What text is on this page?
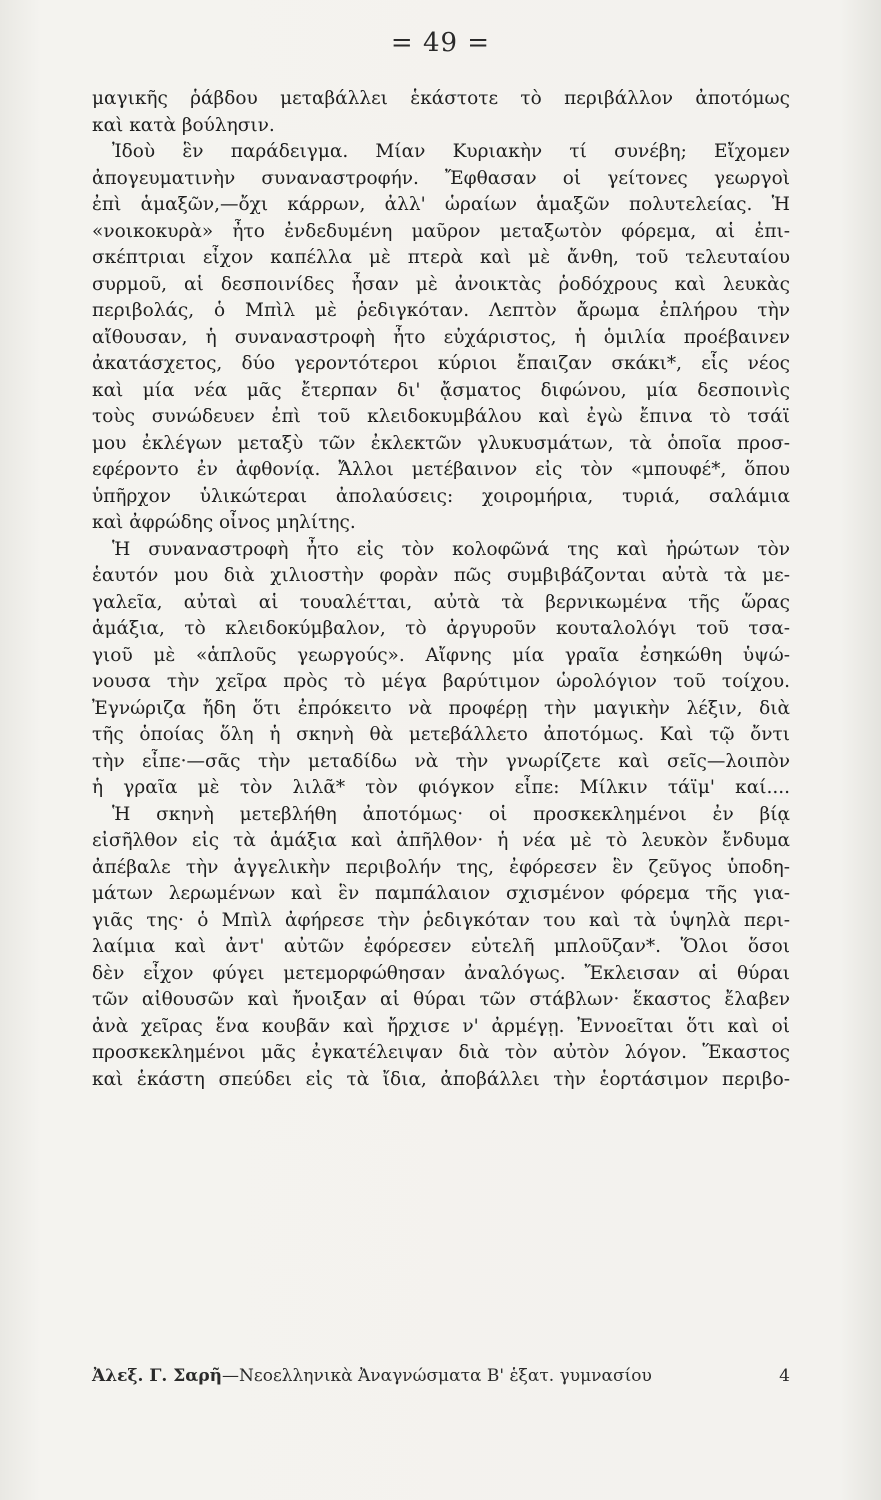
= 49 =
μαγικῆς ῥάβδου μεταβάλλει ἑκάστοτε τὸ περιβάλλον ἀποτόμως
καὶ κατὰ βούλησιν.
Ἰδοὺ ἓν παράδειγμα. Μίαν Κυριακὴν τί συνέβη; Εἴχομεν
ἀπογευματινὴν συναναστροφήν. Ἔφθασαν οἱ γείτονες γεωργοὶ
ἐπὶ ἁμαξῶν,—ὄχι κάρρων, ἀλλ' ὡραίων ἁμαξῶν πολυτελείας. Ἡ
«νοικοκυρὰ» ἦτο ἐνδεδυμένη μαῦρον μεταξωτὸν φόρεμα, αἱ ἐπι-
σκέπτριαι εἶχον καπέλλα μὲ πτερὰ καὶ μὲ ἄνθη, τοῦ τελευταίου
συρμοῦ, αἱ δεσποινίδες ἦσαν μὲ ἀνοικτὰς ῥοδόχρους καὶ λευκὰς
περιβολάς, ὁ Μπὶλ μὲ ῥεδιγκόταν. Λεπτὸν ἄρωμα ἐπλήρου τὴν
αἴθουσαν, ἡ συναναστροφὴ ἦτο εὐχάριστος, ἡ ὁμιλία προέβαινεν
ἀκατάσχετος, δύο γεροντότεροι κύριοι ἔπαιζαν σκάκι*, εἷς νέος
καὶ μία νέα μᾶς ἔτερπαν δι' ᾄσματος διφώνου, μία δεσποινὶς
τοὺς συνώδευεν ἐπὶ τοῦ κλειδοκυμβάλου καὶ ἐγὼ ἔπινα τὸ τσάϊ
μου ἐκλέγων μεταξὺ τῶν ἐκλεκτῶν γλυκυσμάτων, τὰ ὁποῖα προσ-
εφέροντο ἐν ἀφθονίᾳ. Ἄλλοι μετέβαινον εἰς τὸν «μπουφέ*, ὅπου
ὑπῆρχον ὑλικώτεραι ἀπολαύσεις: χοιρομήρια, τυριά, σαλάμια
καὶ ἀφρώδης οἶνος μηλίτης.
Ἡ συναναστροφὴ ἦτο εἰς τὸν κολοφῶνά της καὶ ἠρώτων τὸν
ἑαυτόν μου διὰ χιλιοστὴν φορὰν πῶς συμβιβάζονται αὐτὰ τὰ με-
γαλεῖα, αὐταὶ αἱ τουαλέτται, αὐτὰ τὰ βερνικωμένα τῆς ὥρας
ἁμάξια, τὸ κλειδοκύμβαλον, τὸ ἀργυροῦν κουταλολόγι τοῦ τσα-
γιοῦ μὲ «ἁπλοῦς γεωργούς». Αἴφνης μία γραῖα ἐσηκώθη ὑψώ-
νουσα τὴν χεῖρα πρὸς τὸ μέγα βαρύτιμον ὡρολόγιον τοῦ τοίχου.
Ἐγνώριζα ἤδη ὅτι ἐπρόκειτο νὰ προφέρῃ τὴν μαγικὴν λέξιν, διὰ
τῆς ὁποίας ὅλη ἡ σκηνὴ θὰ μετεβάλλετο ἀποτόμως. Καὶ τῷ ὄντι
τὴν εἶπε·—σᾶς τὴν μεταδίδω νὰ τὴν γνωρίζετε καὶ σεῖς—λοιπὸν
ἡ γραῖα μὲ τὸν λιλᾶ* τὸν φιόγκον εἶπε: Μίλκιν τάϊμ' καί....
Ἡ σκηνὴ μετεβλήθη ἀποτόμως· οἱ προσκεκλημένοι ἐν βίᾳ
εἰσῆλθον εἰς τὰ ἁμάξια καὶ ἀπῆλθον· ἡ νέα μὲ τὸ λευκὸν ἔνδυμα
ἀπέβαλε τὴν ἀγγελικὴν περιβολήν της, ἐφόρεσεν ἓν ζεῦγος ὑποδη-
μάτων λερωμένων καὶ ἓν παμπάλαιον σχισμένον φόρεμα τῆς για-
γιᾶς της· ὁ Μπὶλ ἀφήρεσε τὴν ῥεδιγκόταν του καὶ τὰ ὑψηλὰ περι-
λαίμια καὶ ἀντ' αὐτῶν ἐφόρεσεν εὐτελῆ μπλοῦζαν*. Ὅλοι ὅσοι
δὲν εἶχον φύγει μετεμορφώθησαν ἀναλόγως. Ἔκλεισαν αἱ θύραι
τῶν αἰθουσῶν καὶ ἤνοιξαν αἱ θύραι τῶν στάβλων· ἕκαστος ἔλαβεν
ἀνὰ χεῖρας ἕνα κουβᾶν καὶ ἤρχισε ν' ἀρμέγῃ. Ἐννοεῖται ὅτι καὶ οἱ
προσκεκλημένοι μᾶς ἐγκατέλειψαν διὰ τὸν αὐτὸν λόγον. Ἕκαστος
καὶ ἑκάστη σπεύδει εἰς τὰ ἴδια, ἀποβάλλει τὴν ἑορτάσιμον περιβο-
Ἀλεξ. Γ. Σαρῆ—Νεοελληνικὰ Ἀναγνώσματα Β' ἑξατ. γυμνασίου	4
